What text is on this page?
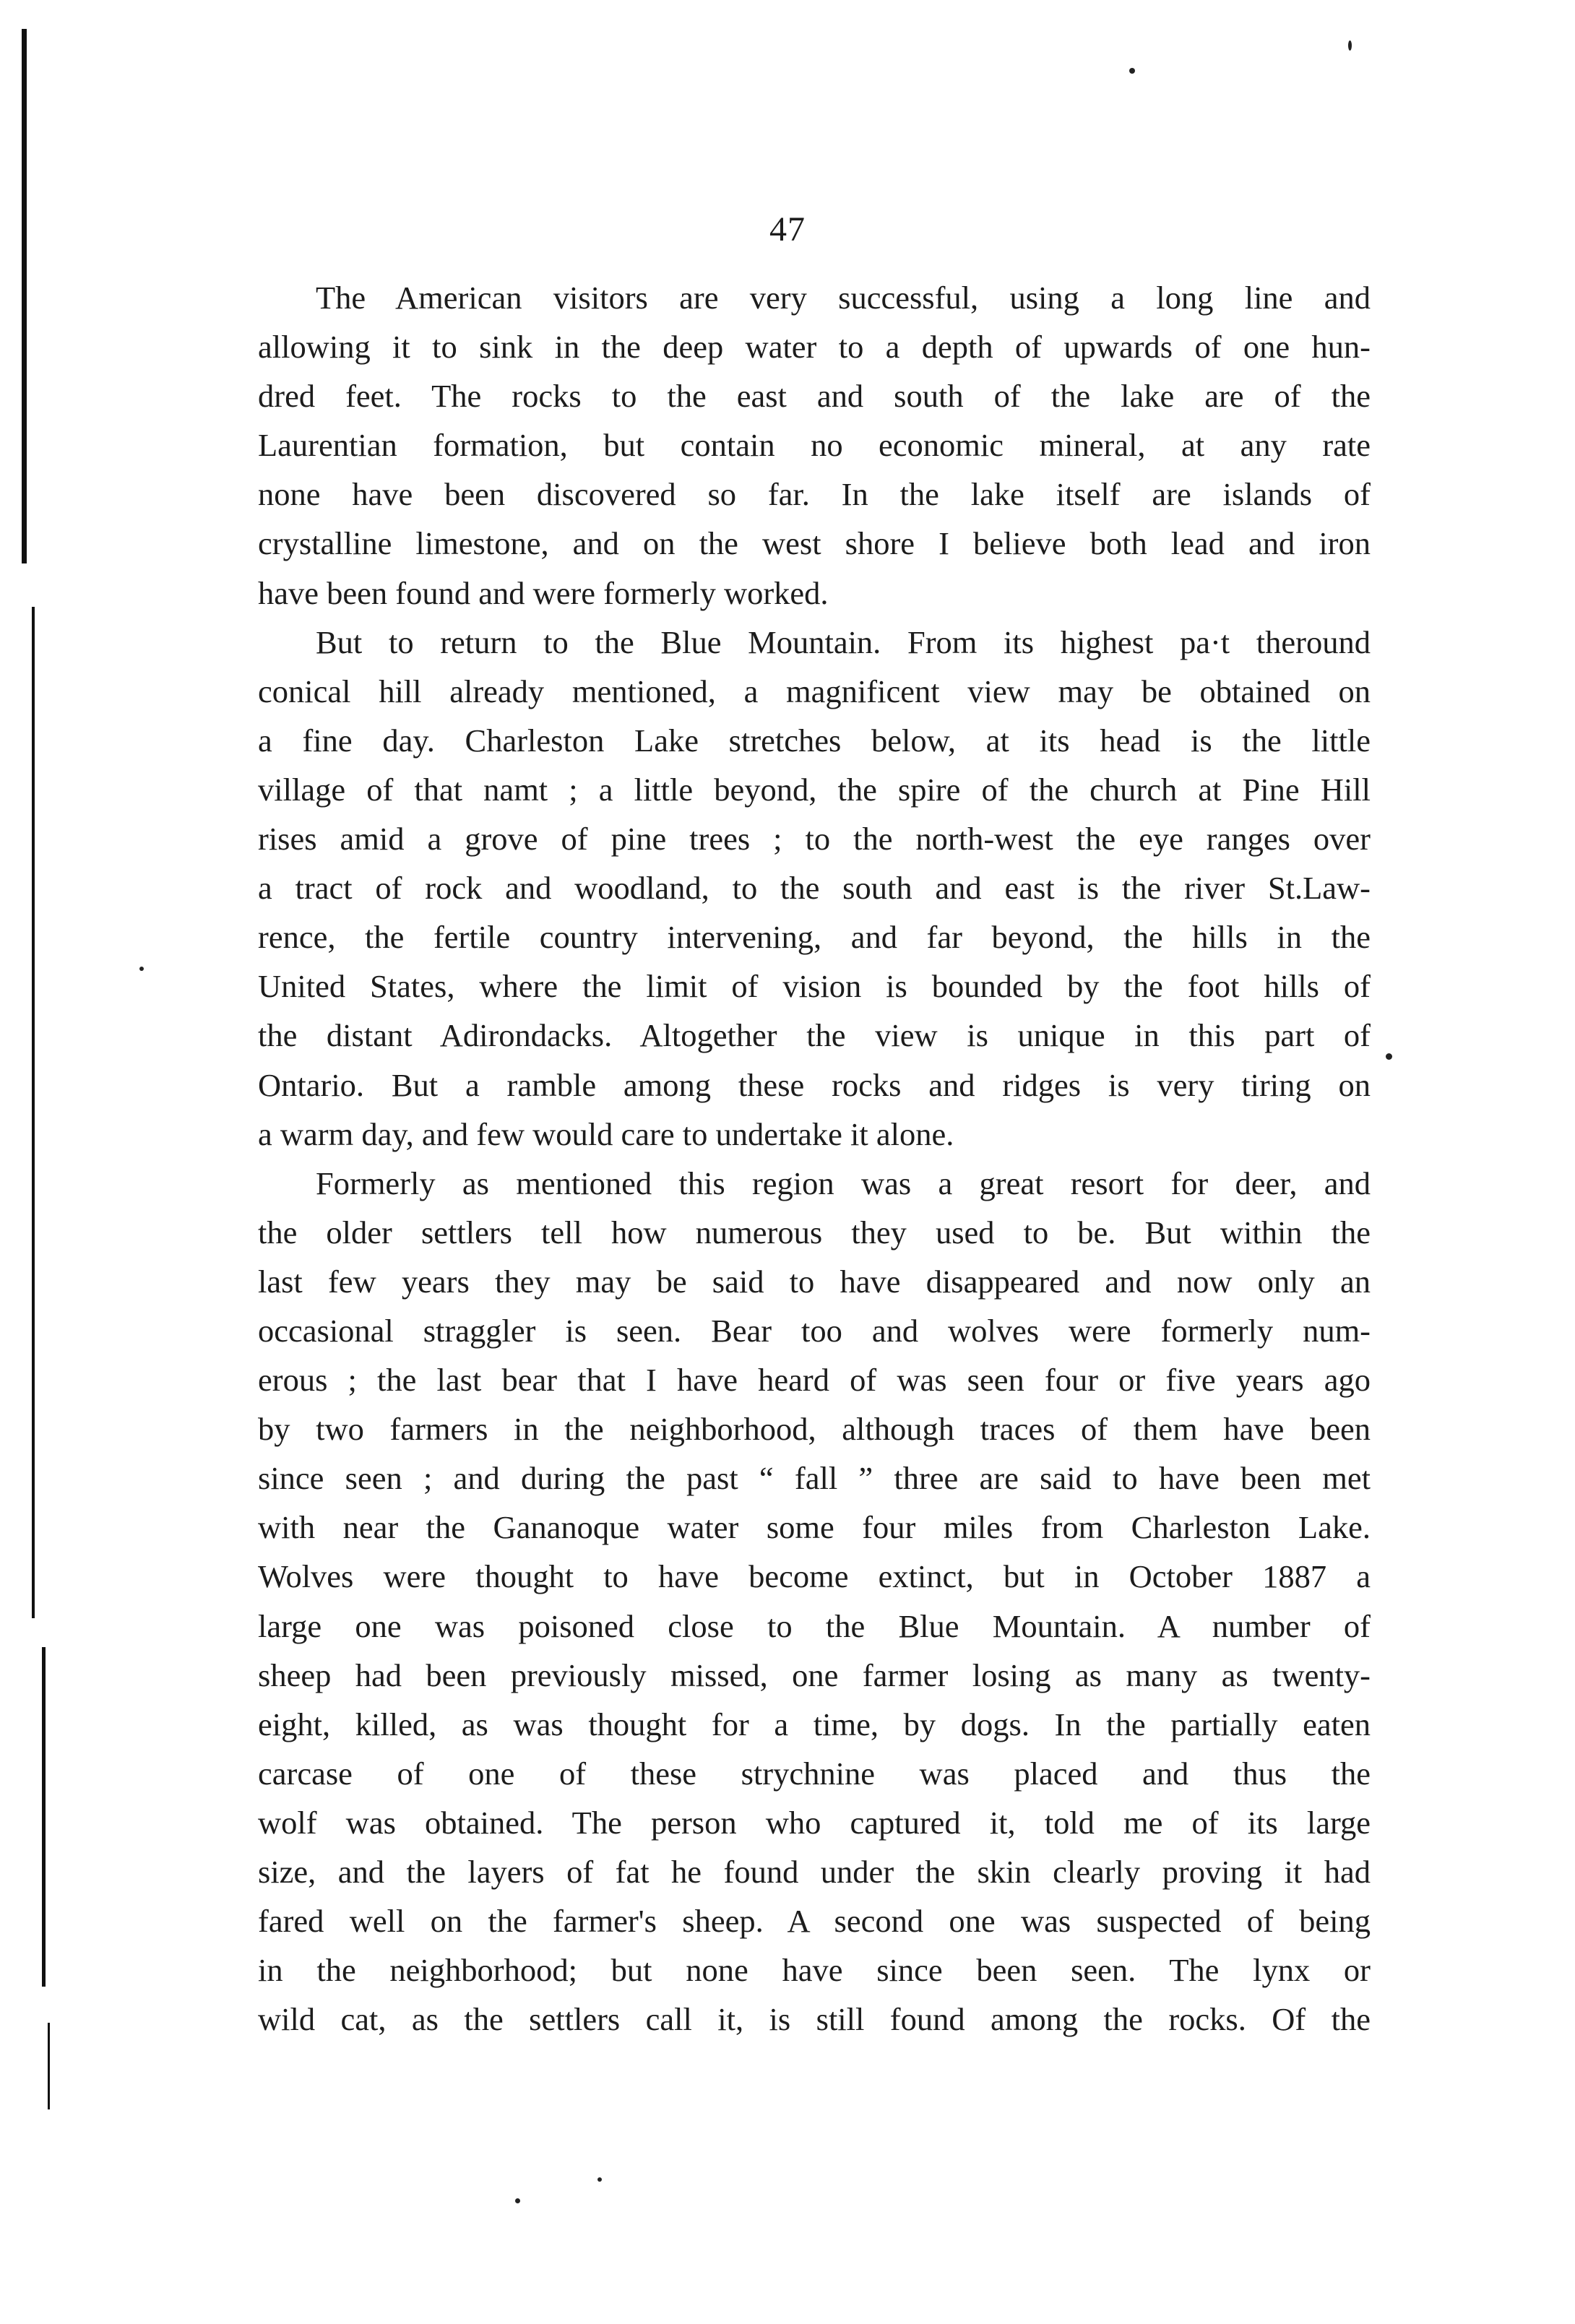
47
The American visitors are very successful, using a long line and
allowing it to sink in the deep water to a depth of upwards of one hun-
dred feet. The rocks to the east and south of the lake are of the
Laurentian formation, but contain no economic mineral, at any rate
none have been discovered so far. In the lake itself are islands of
crystalline limestone, and on the west shore I believe both lead and iron
have been found and were formerly worked.
But to return to the Blue Mountain. From its highest pa·t theround
conical hill already mentioned, a magnificent view may be obtained on
a fine day. Charleston Lake stretches below, at its head is the little
village of that namt ; a little beyond, the spire of the church at Pine Hill
rises amid a grove of pine trees ; to the north-west the eye ranges over
a tract of rock and woodland, to the south and east is the river St.Law-
rence, the fertile country intervening, and far beyond, the hills in the
United States, where the limit of vision is bounded by the foot hills of
the distant Adirondacks. Altogether the view is unique in this part of
Ontario. But a ramble among these rocks and ridges is very tiring on
a warm day, and few would care to undertake it alone.
Formerly as mentioned this region was a great resort for deer, and
the older settlers tell how numerous they used to be. But within the
last few years they may be said to have disappeared and now only an
occasional straggler is seen. Bear too and wolves were formerly num-
erous ; the last bear that I have heard of was seen four or five years ago
by two farmers in the neighborhood, although traces of them have been
since seen ; and during the past “ fall ” three are said to have been met
with near the Gananoque water some four miles from Charleston Lake.
Wolves were thought to have become extinct, but in October 1887 a
large one was poisoned close to the Blue Mountain. A number of
sheep had been previously missed, one farmer losing as many as twenty-
eight, killed, as was thought for a time, by dogs. In the partially eaten
carcase of one of these strychnine was placed and thus the
wolf was obtained. The person who captured it, told me of its large
size, and the layers of fat he found under the skin clearly proving it had
fared well on the farmer's sheep. A second one was suspected of being
in the neighborhood; but none have since been seen. The lynx or
wild cat, as the settlers call it, is still found among the rocks. Of the
